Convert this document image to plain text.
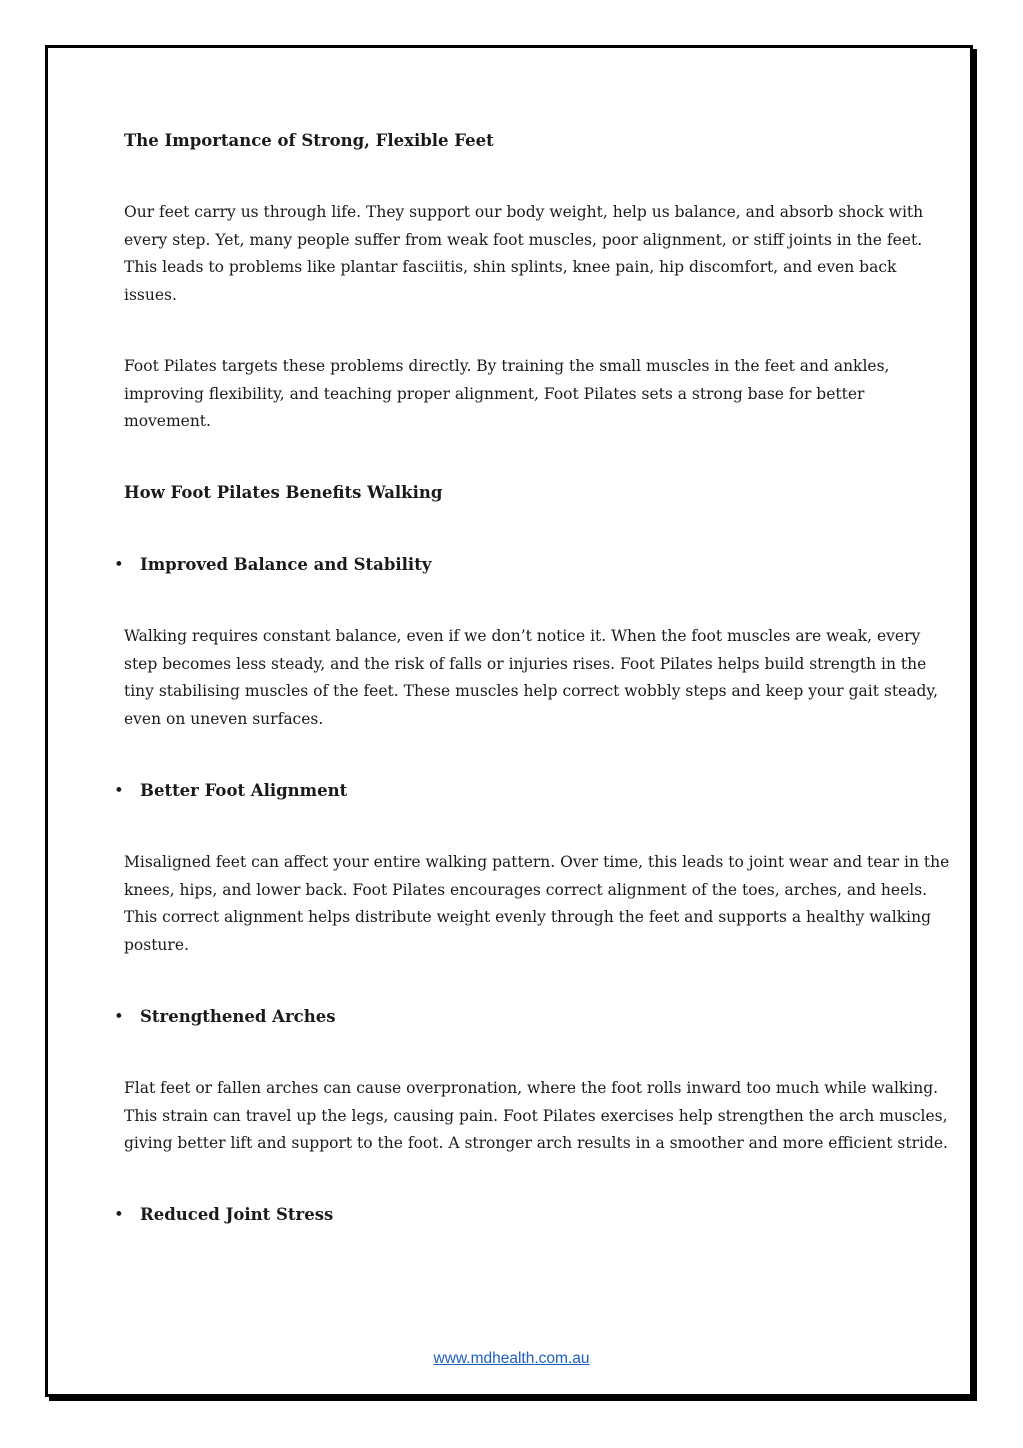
The Importance of Strong, Flexible Feet
Our feet carry us through life. They support our body weight, help us balance, and absorb shock with
every step. Yet, many people suffer from weak foot muscles, poor alignment, or stiff joints in the feet.
This leads to problems like plantar fasciitis, shin splints, knee pain, hip discomfort, and even back
issues.
Foot Pilates targets these problems directly. By training the small muscles in the feet and ankles,
improving flexibility, and teaching proper alignment, Foot Pilates sets a strong base for better
movement.
How Foot Pilates Benefits Walking
• Improved Balance and Stability
Walking requires constant balance, even if we don’t notice it. When the foot muscles are weak, every
step becomes less steady, and the risk of falls or injuries rises. Foot Pilates helps build strength in the
tiny stabilising muscles of the feet. These muscles help correct wobbly steps and keep your gait steady,
even on uneven surfaces.
• Better Foot Alignment
Misaligned feet can affect your entire walking pattern. Over time, this leads to joint wear and tear in the
knees, hips, and lower back. Foot Pilates encourages correct alignment of the toes, arches, and heels.
This correct alignment helps distribute weight evenly through the feet and supports a healthy walking
posture.
• Strengthened Arches
Flat feet or fallen arches can cause overpronation, where the foot rolls inward too much while walking.
This strain can travel up the legs, causing pain. Foot Pilates exercises help strengthen the arch muscles,
giving better lift and support to the foot. A stronger arch results in a smoother and more efficient stride.
• Reduced Joint Stress
www.mdhealth.com.au
